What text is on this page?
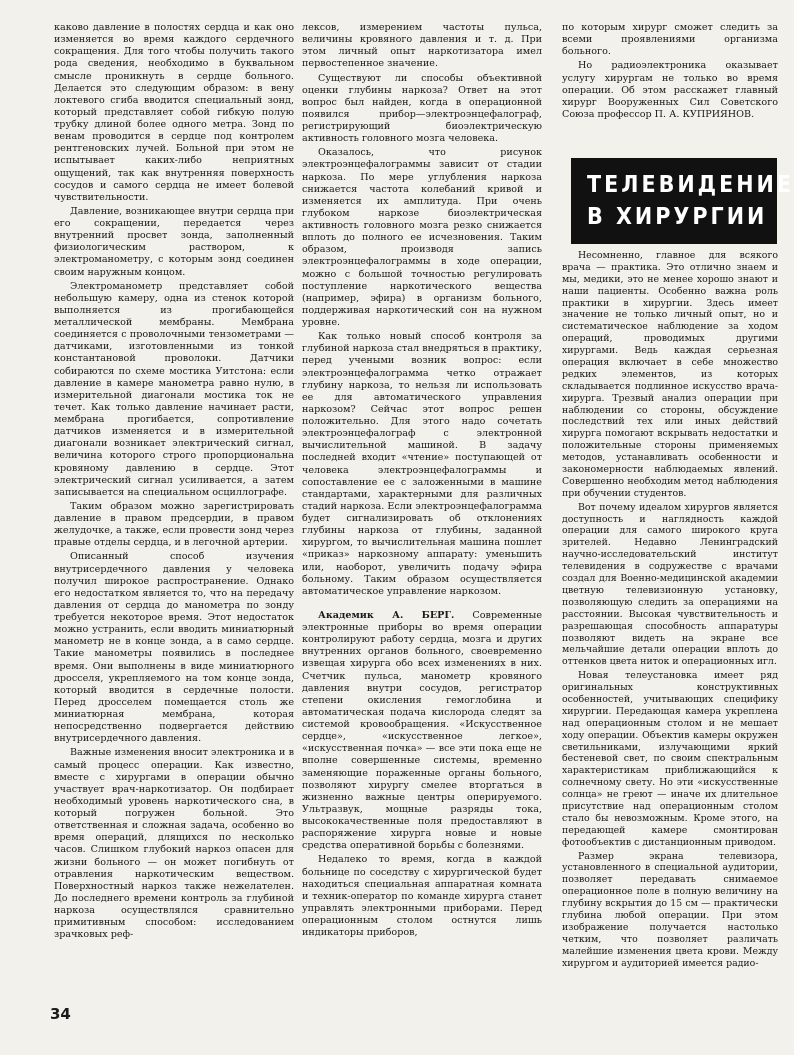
каково давление в полостях сердца и как оно изменяется во время каждого сердечного сокращения. Для того чтобы получить такого рода сведения, необходимо в буквальном смысле проникнуть в сердце больного. Делается это следующим образом: в вену локтевого сгиба вводится специальный зонд, который представляет собой гибкую полую трубку длиной более одного метра. Зонд по венам проводится в сердце под контролем рентгеновских лучей. Больной при этом не испытывает каких-либо неприятных ощущений, так как внутренняя поверхность сосудов и самого сердца не имеет болевой чувствительности.

Давление, возникающее внутри сердца при его сокращении, передается через внутренний просвет зонда, заполненный физиологическим раствором, к электроманометру, с которым зонд соединен своим наружным концом.

Электроманометр представляет собой небольшую камеру, одна из стенок которой выполняется из прогибающейся металлической мембраны. Мембрана соединяется с проволочными тензометрами — датчиками, изготовленными из тонкой константановой проволоки. Датчики собираются по схеме мостика Уитстона: если давление в камере манометра равно нулю, в измерительной диагонали мостика ток не течет. Как только давление начинает расти, мембрана прогибается, сопротивление датчиков изменяется и в измерительной диагонали возникает электрический сигнал, величина которого строго пропорциональна кровяному давлению в сердце. Этот электрический сигнал усиливается, а затем записывается на специальном осциллографе.

Таким образом можно зарегистрировать давление в правом предсердии, в правом желудочке, а также, если провести зонд через правые отделы сердца, и в легочной артерии.

Описанный способ изучения внутрисердечного давления у человека получил широкое распространение. Однако его недостатком является то, что на передачу давления от сердца до манометра по зонду требуется некоторое время. Этот недостаток можно устранить, если вводить миниатюрный манометр не в конце зонда, а в само сердце. Такие манометры появились в последнее время. Они выполнены в виде миниатюрного дросселя, укрепляемого на том конце зонда, который вводится в сердечные полости. Перед дросселем помещается столь же миниатюрная мембрана, которая непосредственно подвергается действию внутрисердечного давления.

Важные изменения вносит электроника и в самый процесс операции. Как известно, вместе с хирургами в операции обычно участвует врач-наркотизатор. Он подбирает необходимый уровень наркотического сна, в который погружен больной. Это ответственная и сложная задача, особенно во время операций, длящихся по несколько часов. Слишком глубокий наркоз опасен для жизни больного — он может погибнуть от отравления наркотическим веществом. Поверхностный наркоз также нежелателен. До последнего времени контроль за глубиной наркоза осуществлялся сравнительно примитивным способом: исследованием зрачковых реф-

лексов, измерением частоты пульса, величины кровяного давления и т. д. При этом личный опыт наркотизатора имел первостепенное значение.

Существуют ли способы объективной оценки глубины наркоза? Ответ на этот вопрос был найден, когда в операционной появился прибор—электроэнцефалограф, регистрирующий биоэлектрическую активность головного мозга человека.

Оказалось, что рисунок электроэнцефалограммы зависит от стадии наркоза. По мере углубления наркоза снижается частота колебаний кривой и изменяется их амплитуда. При очень глубоком наркозе биоэлектрическая активность головного мозга резко снижается вплоть до полного ее исчезновения. Таким образом, производя запись электроэнцефалограммы в ходе операции, можно с большой точностью регулировать поступление наркотического вещества (например, эфира) в организм больного, поддерживая наркотический сон на нужном уровне.

Как только новый способ контроля за глубиной наркоза стал внедряться в практику, перед учеными возник вопрос: если электроэнцефалограмма четко отражает глубину наркоза, то нельзя ли использовать ее для автоматического управления наркозом? Сейчас этот вопрос решен положительно. Для этого надо сочетать электроэнцефалограф с электронной вычислительной машиной. В задачу последней входит «чтение» поступающей от человека электроэнцефалограммы и сопоставление ее с заложенными в машине стандартами, характерными для различных стадий наркоза. Если электроэнцефалограмма будет сигнализировать об отклонениях глубины наркоза от глубины, заданной хирургом, то вычислительная машина пошлет «приказ» наркозному аппарату: уменьшить или, наоборот, увеличить подачу эфира больному. Таким образом осуществляется автоматическое управление наркозом.

Академик А. БЕРГ. Современные электронные приборы во время операции контролируют работу сердца, мозга и других внутренних органов больного, своевременно извещая хирурга обо всех изменениях в них. Счетчик пульса, манометр кровяного давления внутри сосудов, регистратор степени окисления гемоглобина и автоматическая подача кислорода следят за системой кровообращения. «Искусственное сердце», «искусственное легкое», «искусственная почка» — все эти пока еще не вполне совершенные системы, временно заменяющие пораженные органы больного, позволяют хирургу смелее вторгаться в жизненно важные центры оперируемого. Ультразвук, мощные разряды тока, высококачественные поля предоставляют в распоряжение хирурга новые и новые средства оперативной борьбы с болезнями.

Недалеко то время, когда в каждой больнице по соседству с хирургической будет находиться специальная аппаратная комната и техник-оператор по команде хирурга станет управлять электронными приборами. Перед операционным столом остнутся лишь индикаторы приборов,

по которым хирург сможет следить за всеми проявлениями организма больного.

Но радиоэлектроника оказывает услугу хирургам не только во время операции. Об этом расскажет главный хирург Вооруженных Сил Советского Союза профессор П. А. КУПРИЯНОВ.

ТЕЛЕВИДЕНИЕ
В ХИРУРГИИ

Несомненно, главное для всякого врача — практика. Это отлично знаем и мы, медики, это не менее хорошо знают и наши пациенты. Особенно важна роль практики в хирургии. Здесь имеет значение не только личный опыт, но и систематическое наблюдение за ходом операций, проводимых другими хирургами. Ведь каждая серьезная операция включает в себе множество редких элементов, из которых складывается подлинное искусство врача-хирурга. Трезвый анализ операции при наблюдении со стороны, обсуждение последствий тех или иных действий хирурга помогают вскрывать недостатки и положительные стороны применяемых методов, устанавливать особенности и закономерности наблюдаемых явлений. Совершенно необходим метод наблюдения при обучении студентов.

Вот почему идеалом хирургов является доступность и наглядность каждой операции для самого широкого круга зрителей. Недавно Ленинградский научно-исследовательский институт телевидения в содружестве с врачами создал для Военно-медицинской академии цветную телевизионную установку, позволяющую следить за операциями на расстоянии. Высокая чувствительность и разрешающая способность аппаратуры позволяют видеть на экране все мельчайшие детали операции вплоть до оттенков цвета ниток и операционных игл.

Новая телеустановка имеет ряд оригинальных конструктивных особенностей, учитывающих специфику хирургии. Передающая камера укреплена над операционным столом и не мешает ходу операции. Объектив камеры окружен светильниками, излучающими яркий бестеневой свет, по своим спектральным характеристикам приближающийся к солнечному свету. Но эти «искусственные солнца» не греют — иначе их длительное присутствие над операционным столом стало бы невозможным. Кроме этого, на передающей камере смонтирован фотообъектив с дистанционным приводом.

Размер экрана телевизора, установленного в специальной аудитории, позволяет передавать снимаемое операционное поле в полную величину на глубину вскрытия до 15 см — практически глубина любой операции. При этом изображение получается настолько четким, что позволяет различать малейшие изменения цвета крови. Между хирургом и аудиторией имеется радио-

34
